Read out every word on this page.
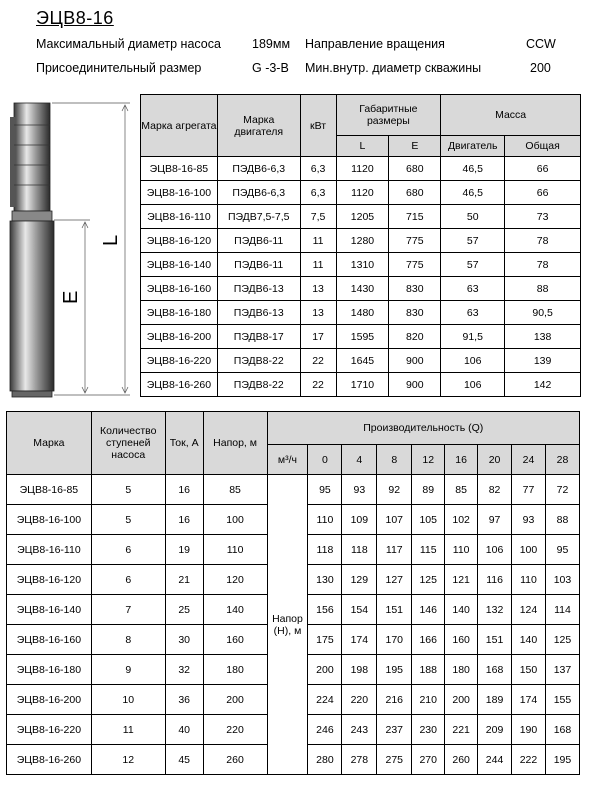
ЭЦВ8-16
Максимальный диаметр насоса 189мм Направление вращения	CCW
Присоединительный размер	G -3-B Мин.внутр. диаметр скважины	200
L
E
Марка агрегата	Марка двигателя	кВт	Габаритные размеры		Масса	
			L	E	Двигатель	Общая
ЭЦВ8-16-85	ПЭДВ6-6,3	6,3	1120	680	46,5	66
ЭЦВ8-16-100	ПЭДВ6-6,3	6,3	1120	680	46,5	66
ЭЦВ8-16-110	ПЭДВ7,5-7,5	7,5	1205	715	50	73
ЭЦВ8-16-120	ПЭДВ6-11	11	1280	775	57	78
ЭЦВ8-16-140	ПЭДВ6-11	11	1310	775	57	78
ЭЦВ8-16-160	ПЭДВ6-13	13	1430	830	63	88
ЭЦВ8-16-180	ПЭДВ6-13	13	1480	830	63	90,5
ЭЦВ8-16-200	ПЭДВ8-17	17	1595	820	91,5	138
ЭЦВ8-16-220	ПЭДВ8-22	22	1645	900	106	139
ЭЦВ8-16-260	ПЭДВ8-22	22	1710	900	106	142
Марка	Количество ступеней насоса	Ток, А	Напор, м	Производительность (Q)								
				м³/ч	0	4	8	12	16	20	24	28
ЭЦВ8-16-85	5	16	85	Напор (Н), м	95	93	92	89	85	82	77	72
ЭЦВ8-16-100	5	16	100		110	109	107	105	102	97	93	88
ЭЦВ8-16-110	6	19	110		118	118	117	115	110	106	100	95
ЭЦВ8-16-120	6	21	120		130	129	127	125	121	116	110	103
ЭЦВ8-16-140	7	25	140		156	154	151	146	140	132	124	114
ЭЦВ8-16-160	8	30	160		175	174	170	166	160	151	140	125
ЭЦВ8-16-180	9	32	180		200	198	195	188	180	168	150	137
ЭЦВ8-16-200	10	36	200		224	220	216	210	200	189	174	155
ЭЦВ8-16-220	11	40	220		246	243	237	230	221	209	190	168
ЭЦВ8-16-260	12	45	260		280	278	275	270	260	244	222	195
